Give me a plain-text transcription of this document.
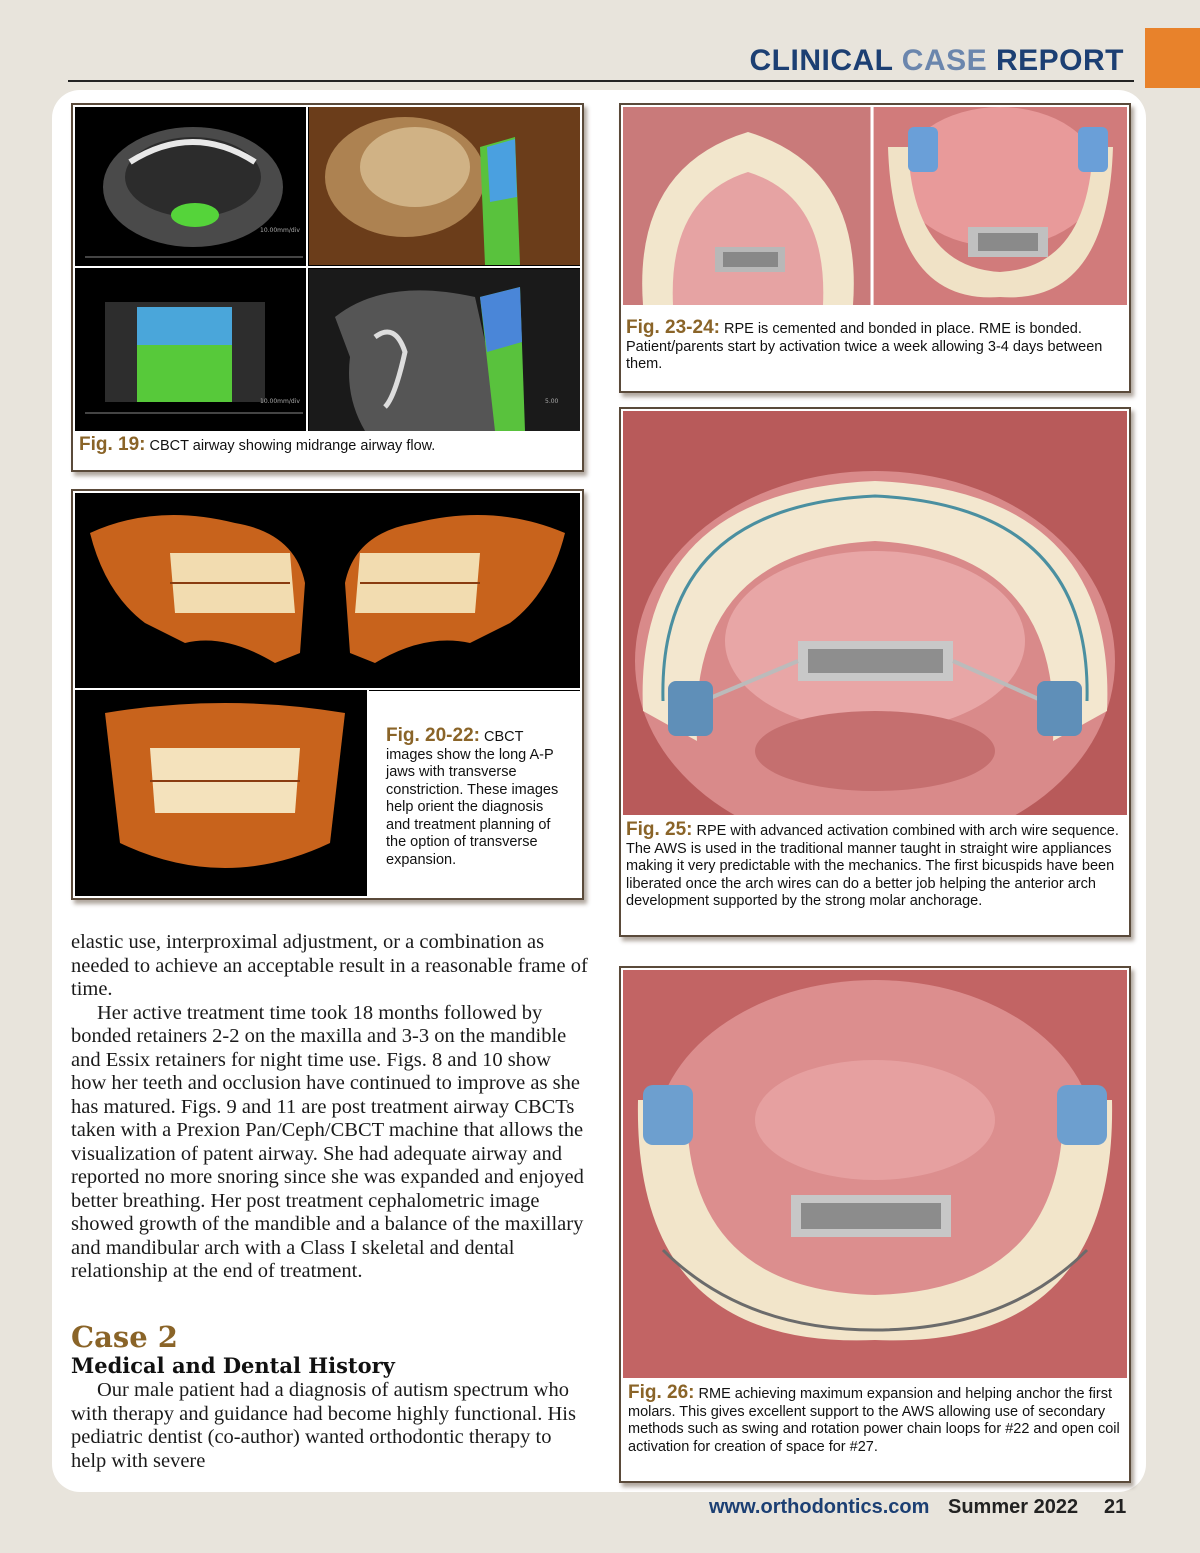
CLINICAL CASE REPORT
10.00mm/div
10.00mm/div	5.00
Fig. 19: CBCT airway showing midrange airway flow.
Fig. 20-22: CBCT images show the long A-P jaws with transverse constriction. These images help orient the diagnosis and treatment planning of the option of transverse expansion.
Fig. 23-24: RPE is cemented and bonded in place. RME is bonded. Patient/parents start by activation twice a week allowing 3-4 days between them.
Fig. 25: RPE with advanced activation combined with arch wire sequence. The AWS is used in the traditional manner taught in straight wire appliances making it very predictable with the mechanics. The first bicuspids have been liberated once the arch wires can do a better job helping the anterior arch development supported by the strong molar anchorage.
Fig. 26: RME achieving maximum expansion and helping anchor the first molars. This gives excellent support to the AWS allowing use of secondary methods such as swing and rotation power chain loops for #22 and open coil activation for creation of space for #27.

elastic use, interproximal adjustment, or a combination as needed to achieve an acceptable result in a reasonable frame of time.

Her active treatment time took 18 months followed by bonded retainers 2-2 on the maxilla and 3-3 on the mandible and Essix retainers for night time use. Figs. 8 and 10 show how her teeth and occlusion have continued to improve as she has matured. Figs. 9 and 11 are post treatment airway CBCTs taken with a Prexion Pan/Ceph/CBCT machine that allows the visualization of patent airway. She had adequate airway and reported no more snoring since she was expanded and enjoyed better breathing. Her post treatment cephalometric image showed growth of the mandible and a balance of the maxillary and mandibular arch with a Class I skeletal and dental relationship at the end of treatment.

Case 2
Medical and Dental History

Our male patient had a diagnosis of autism spectrum who with therapy and guidance had become highly functional. His pediatric dentist (co-author) wanted orthodontic therapy to help with severe

www.orthodontics.com Summer 2022 21
